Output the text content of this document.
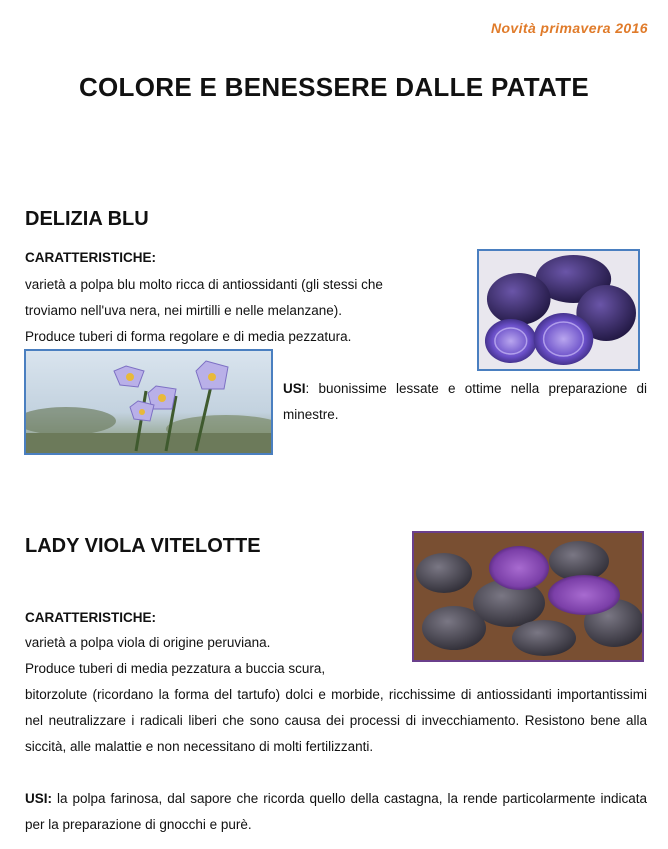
Novità primavera 2016
COLORE E BENESSERE DALLE PATATE
DELIZIA BLU
CARATTERISTICHE:
varietà a polpa blu molto ricca di antiossidanti (gli stessi che
troviamo nell'uva nera, nei mirtilli e nelle melanzane).
Produce tuberi di forma regolare e di media pezzatura.
USI: buonissime lessate e ottime nella preparazione di minestre.
LADY VIOLA VITELOTTE
CARATTERISTICHE:
varietà a polpa viola di origine peruviana.
Produce tuberi di media pezzatura a buccia scura,
bitorzolute (ricordano la forma del tartufo) dolci e morbide, ricchissime di antiossidanti importantissimi nel neutralizzare i radicali liberi che sono causa dei processi di invecchiamento. Resistono bene alla siccità, alle malattie e non necessitano di molti fertilizzanti.
USI: la polpa farinosa, dal sapore che ricorda quello della castagna, la rende particolarmente indicata per la preparazione di gnocchi e purè.
